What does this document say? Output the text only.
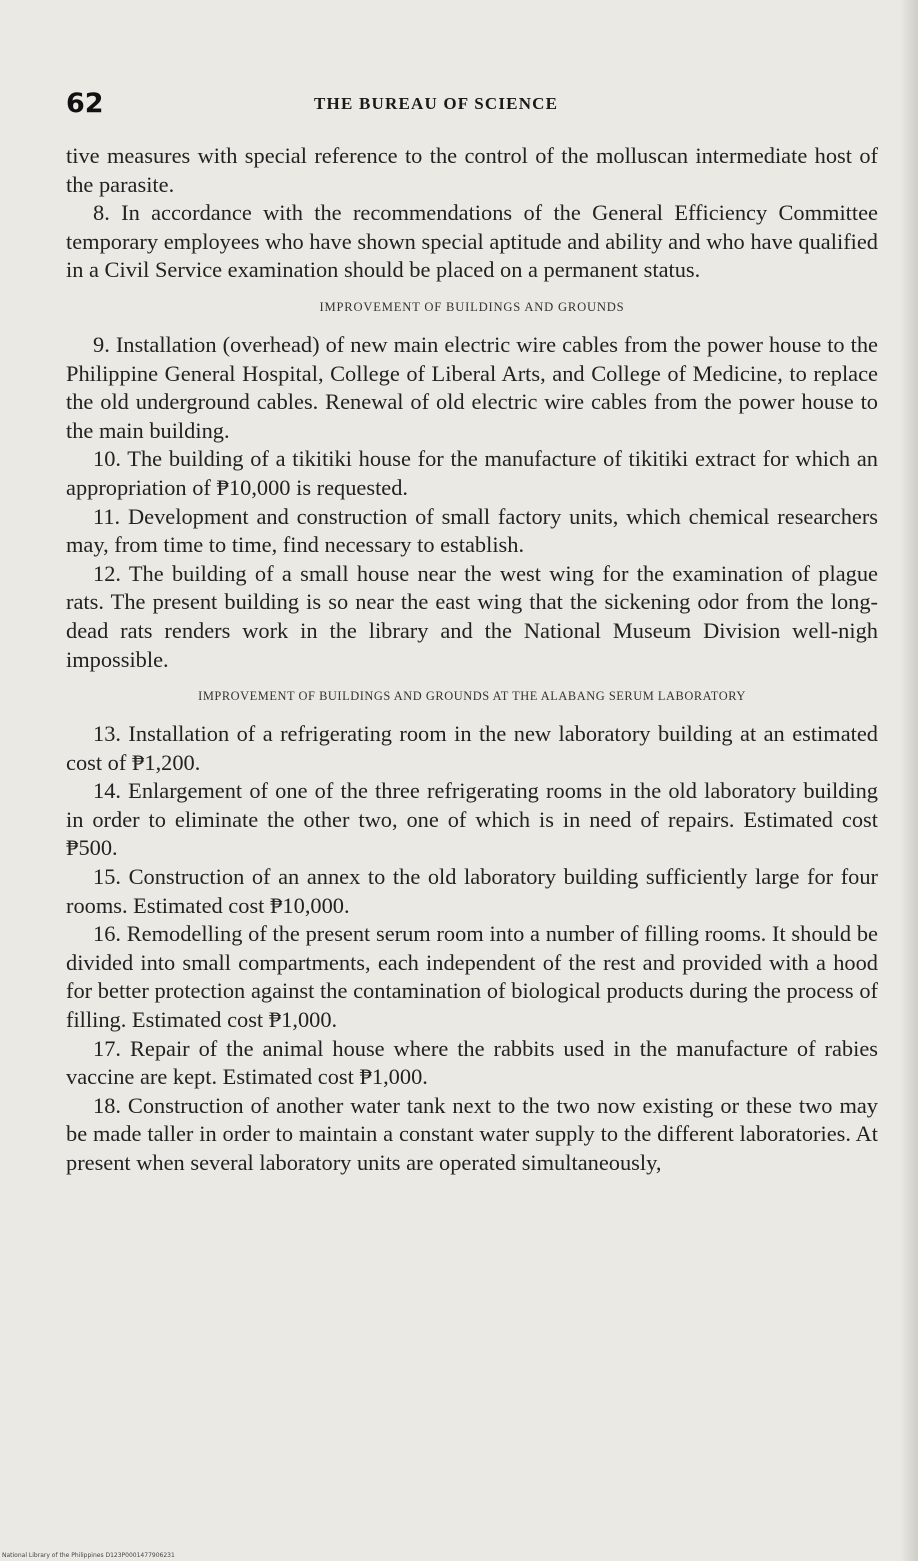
62	THE BUREAU OF SCIENCE

tive measures with special reference to the control of the molluscan intermediate host of the parasite.

8. In accordance with the recommendations of the General Efficiency Committee temporary employees who have shown special aptitude and ability and who have qualified in a Civil Service examination should be placed on a permanent status.

IMPROVEMENT OF BUILDINGS AND GROUNDS

9. Installation (overhead) of new main electric wire cables from the power house to the Philippine General Hospital, College of Liberal Arts, and College of Medicine, to replace the old underground cables. Renewal of old electric wire cables from the power house to the main building.

10. The building of a tikitiki house for the manufacture of tikitiki extract for which an appropriation of ₱10,000 is requested.

11. Development and construction of small factory units, which chemical researchers may, from time to time, find necessary to establish.

12. The building of a small house near the west wing for the examination of plague rats. The present building is so near the east wing that the sickening odor from the long-dead rats renders work in the library and the National Museum Division well-nigh impossible.

IMPROVEMENT OF BUILDINGS AND GROUNDS AT THE ALABANG SERUM LABORATORY

13. Installation of a refrigerating room in the new laboratory building at an estimated cost of ₱1,200.

14. Enlargement of one of the three refrigerating rooms in the old laboratory building in order to eliminate the other two, one of which is in need of repairs. Estimated cost ₱500.

15. Construction of an annex to the old laboratory building sufficiently large for four rooms. Estimated cost ₱10,000.

16. Remodelling of the present serum room into a number of filling rooms. It should be divided into small compartments, each independent of the rest and provided with a hood for better protection against the contamination of biological products during the process of filling. Estimated cost ₱1,000.

17. Repair of the animal house where the rabbits used in the manufacture of rabies vaccine are kept. Estimated cost ₱1,000.

18. Construction of another water tank next to the two now existing or these two may be made taller in order to maintain a constant water supply to the different laboratories. At present when several laboratory units are operated simultaneously,

National Library of the Philippines D123P0001477906231
